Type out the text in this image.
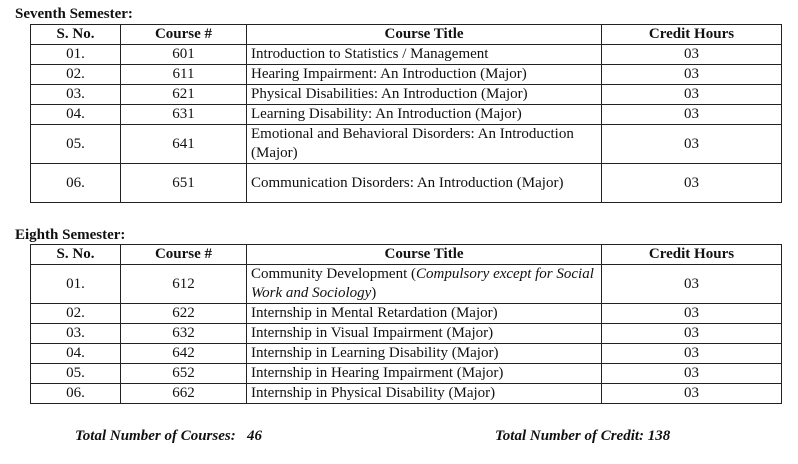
Seventh Semester:
S. No.	Course #	Course Title	Credit Hours
01.	601	Introduction to Statistics / Management	03
02.	611	Hearing Impairment: An Introduction (Major)	03
03.	621	Physical Disabilities: An Introduction (Major)	03
04.	631	Learning Disability: An Introduction (Major)	03
05.	641	Emotional and Behavioral Disorders: An Introduction (Major)	03
06.	651	Communication Disorders: An Introduction (Major)	03
Eighth Semester:
S. No.	Course #	Course Title	Credit Hours
01.	612	Community Development (Compulsory except for Social Work and Sociology)	03
02.	622	Internship in Mental Retardation (Major)	03
03.	632	Internship in Visual Impairment (Major)	03
04.	642	Internship in Learning Disability (Major)	03
05.	652	Internship in Hearing Impairment (Major)	03
06.	662	Internship in Physical Disability (Major)	03
Total Number of Courses: 46	Total Number of Credit: 138
